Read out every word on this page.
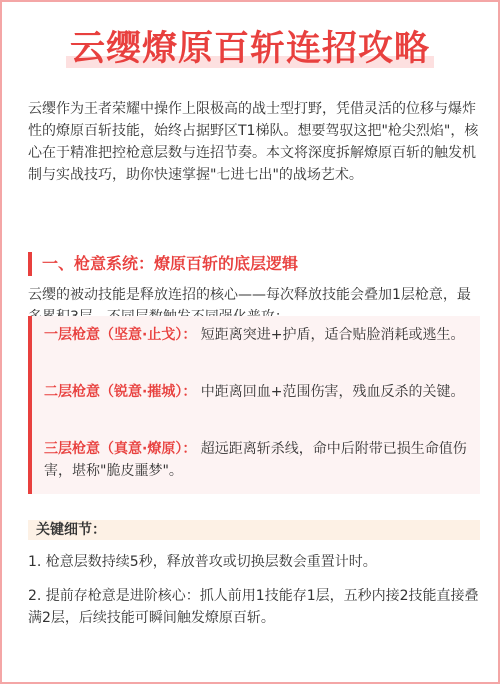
云缨燎原百斩连招攻略

云缨作为王者荣耀中操作上限极高的战士型打野，凭借灵活的位移与爆炸性的燎原百斩技能，始终占据野区T1梯队。想要驾驭这把"枪尖烈焰"，核心在于精准把控枪意层数与连招节奏。本文将深度拆解燎原百斩的触发机制与实战技巧，助你快速掌握"七进七出"的战场艺术。

一、枪意系统：燎原百斩的底层逻辑

云缨的被动技能是释放连招的核心——每次释放技能会叠加1层枪意，最

一层枪意（坚意·止戈）： 短距离突进+护盾，适合贴脸消耗或逃生。
二层枪意（锐意·摧城）： 中距离回血+范围伤害，残血反杀的关键。
三层枪意（真意·燎原）： 超远距离斩杀线，命中后附带已损生命值伤害，堪称"脆皮噩梦"。
关键细节：

1. 枪意层数持续5秒，释放普攻或切换层数会重置计时。

2. 提前存枪意是进阶核心：抓人前用1技能存1层，五秒内接2技能直接叠满2层，后续技能可瞬间触发燎原百斩。
